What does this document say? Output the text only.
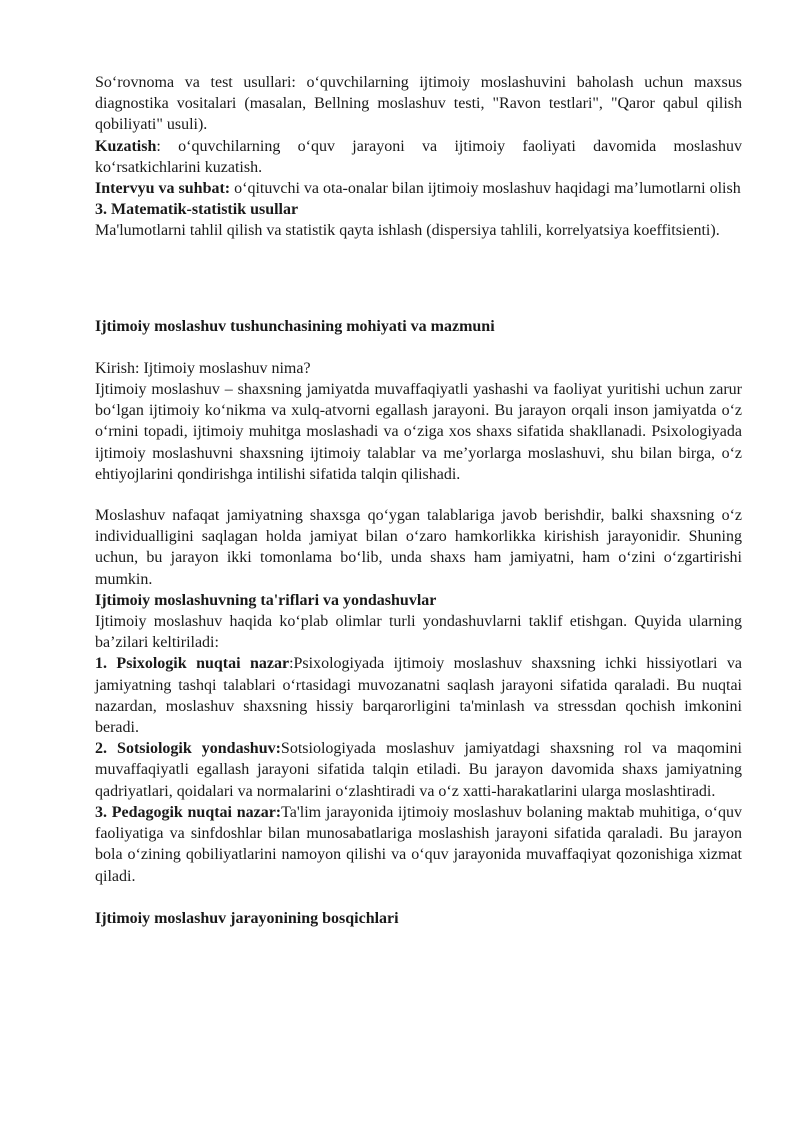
So‘rovnoma va test usullari: o‘quvchilarning ijtimoiy moslashuvini baholash uchun maxsus diagnostika vositalari (masalan, Bellning moslashuv testi, "Ravon testlari", "Qaror qabul qilish qobiliyati" usuli).

Kuzatish: o‘quvchilarning o‘quv jarayoni va ijtimoiy faoliyati davomida moslashuv ko‘rsatkichlarini kuzatish.

Intervyu va suhbat: o‘qituvchi va ota-onalar bilan ijtimoiy moslashuv haqidagi ma’lumotlarni olish

3. Matematik-statistik usullar

Ma'lumotlarni tahlil qilish va statistik qayta ishlash (dispersiya tahlili, korrelyatsiya koeffitsienti).

Ijtimoiy moslashuv tushunchasining mohiyati va mazmuni

Kirish: Ijtimoiy moslashuv nima?

Ijtimoiy moslashuv – shaxsning jamiyatda muvaffaqiyatli yashashi va faoliyat yuritishi uchun zarur bo‘lgan ijtimoiy ko‘nikma va xulq-atvorni egallash jarayoni. Bu jarayon orqali inson jamiyatda o‘z o‘rnini topadi, ijtimoiy muhitga moslashadi va o‘ziga xos shaxs sifatida shakllanadi. Psixologiyada ijtimoiy moslashuvni shaxsning ijtimoiy talablar va me’yorlarga moslashuvi, shu bilan birga, o‘z ehtiyojlarini qondirishga intilishi sifatida talqin qilishadi.

Moslashuv nafaqat jamiyatning shaxsga qo‘ygan talablariga javob berishdir, balki shaxsning o‘z individualligini saqlagan holda jamiyat bilan o‘zaro hamkorlikka kirishish jarayonidir. Shuning uchun, bu jarayon ikki tomonlama bo‘lib, unda shaxs ham jamiyatni, ham o‘zini o‘zgartirishi mumkin.

Ijtimoiy moslashuvning ta'riflari va yondashuvlar

Ijtimoiy moslashuv haqida ko‘plab olimlar turli yondashuvlarni taklif etishgan. Quyida ularning ba’zilari keltiriladi:

1. Psixologik nuqtai nazar:Psixologiyada ijtimoiy moslashuv shaxsning ichki hissiyotlari va jamiyatning tashqi talablari o‘rtasidagi muvozanatni saqlash jarayoni sifatida qaraladi. Bu nuqtai nazardan, moslashuv shaxsning hissiy barqarorligini ta'minlash va stressdan qochish imkonini beradi.

2. Sotsiologik yondashuv:Sotsiologiyada moslashuv jamiyatdagi shaxsning rol va maqomini muvaffaqiyatli egallash jarayoni sifatida talqin etiladi. Bu jarayon davomida shaxs jamiyatning qadriyatlari, qoidalari va normalarini o‘zlashtiradi va o‘z xatti-harakatlarini ularga moslashtiradi.

3. Pedagogik nuqtai nazar:Ta'lim jarayonida ijtimoiy moslashuv bolaning maktab muhitiga, o‘quv faoliyatiga va sinfdoshlar bilan munosabatlariga moslashish jarayoni sifatida qaraladi. Bu jarayon bola o‘zining qobiliyatlarini namoyon qilishi va o‘quv jarayonida muvaffaqiyat qozonishiga xizmat qiladi.

Ijtimoiy moslashuv jarayonining bosqichlari
